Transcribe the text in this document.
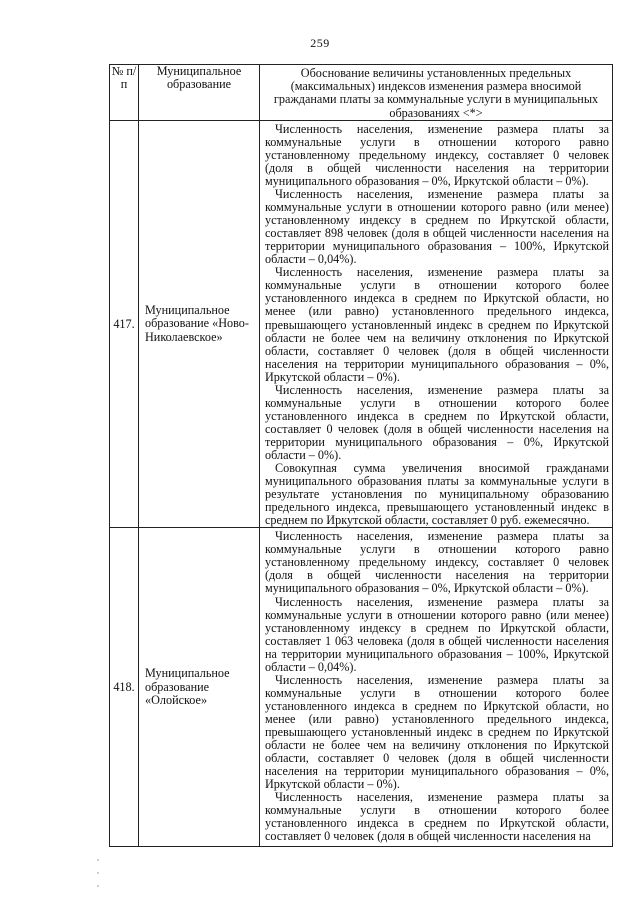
259
№ п/п	Муниципальное образование	Обоснование величины установленных предельных (максимальных) индексов изменения размера вносимой гражданами платы за коммунальные услуги в муниципальных образованиях <*>
417.	Муниципальное образование «Ново-Николаевское»	Численность населения, изменение размера платы за коммунальные услуги в отношении которого равно установленному предельному индексу, составляет 0 человек (доля в общей численности населения на территории муниципального образования – 0%, Иркутской области – 0%).

Численность населения, изменение размера платы за коммунальные услуги в отношении которого равно (или менее) установленному индексу в среднем по Иркутской области, составляет 898 человек (доля в общей численности населения на территории муниципального образования – 100%, Иркутской области – 0,04%).

Численность населения, изменение размера платы за коммунальные услуги в отношении которого более установленного индекса в среднем по Иркутской области, но менее (или равно) установленного предельного индекса, превышающего установленный индекс в среднем по Иркутской области не более чем на величину отклонения по Иркутской области, составляет 0 человек (доля в общей численности населения на территории муниципального образования – 0%, Иркутской области – 0%).

Численность населения, изменение размера платы за коммунальные услуги в отношении которого более установленного индекса в среднем по Иркутской области, составляет 0 человек (доля в общей численности населения на территории муниципального образования – 0%, Иркутской области – 0%).

Совокупная сумма увеличения вносимой гражданами муниципального образования платы за коммунальные услуги в результате установления по муниципальному образованию предельного индекса, превышающего установленный индекс в среднем по Иркутской области, составляет 0 руб. ежемесячно.

418.	Муниципальное образование «Олойское»	Численность населения, изменение размера платы за коммунальные услуги в отношении которого равно установленному предельному индексу, составляет 0 человек (доля в общей численности населения на территории муниципального образования – 0%, Иркутской области – 0%).

Численность населения, изменение размера платы за коммунальные услуги в отношении которого равно (или менее) установленному индексу в среднем по Иркутской области, составляет 1 063 человека (доля в общей численности населения на территории муниципального образования – 100%, Иркутской области – 0,04%).

Численность населения, изменение размера платы за коммунальные услуги в отношении которого более установленного индекса в среднем по Иркутской области, но менее (или равно) установленного предельного индекса, превышающего установленный индекс в среднем по Иркутской области не более чем на величину отклонения по Иркутской области, составляет 0 человек (доля в общей численности населения на территории муниципального образования – 0%, Иркутской области – 0%).

Численность населения, изменение размера платы за коммунальные услуги в отношении которого более установленного индекса в среднем по Иркутской области, составляет 0 человек (доля в общей численности населения на
